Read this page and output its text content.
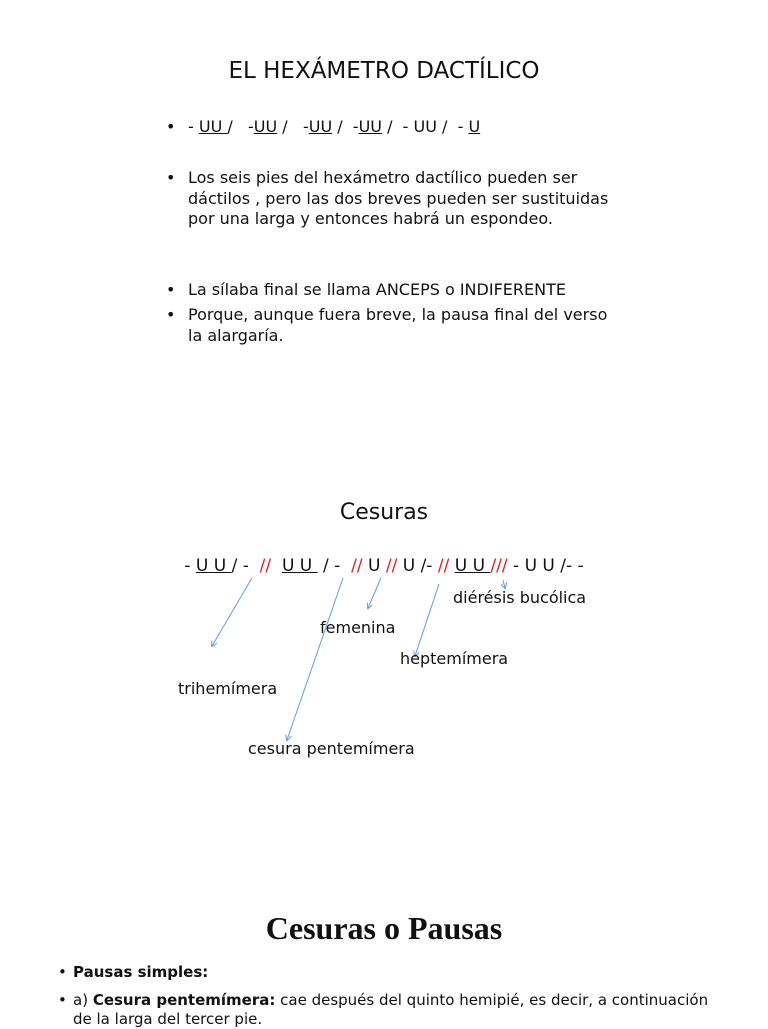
EL HEXÁMETRO DACTÍLICO
• - UU /   -UU /   -UU /  -UU /  - UU /  - U
• Los seis pies del hexámetro dactílico pueden ser dáctilos , pero las dos breves pueden ser sustituidas por una larga y entonces habrá un espondeo.
• La sílaba final se llama ANCEPS o INDIFERENTE
• Porque, aunque fuera breve, la pausa final del verso la alargaría.
Cesuras
- U U / -  // U U  / -  // U // U /- // U U /// - U U /- -
diérésis bucólica
femenina
heptemímera
trihemímera
cesura pentemímera
Cesuras o Pausas
• Pausas simples:
• a) Cesura pentemímera: cae después del quinto hemipié, es decir, a continuación de la larga del tercer pie.
